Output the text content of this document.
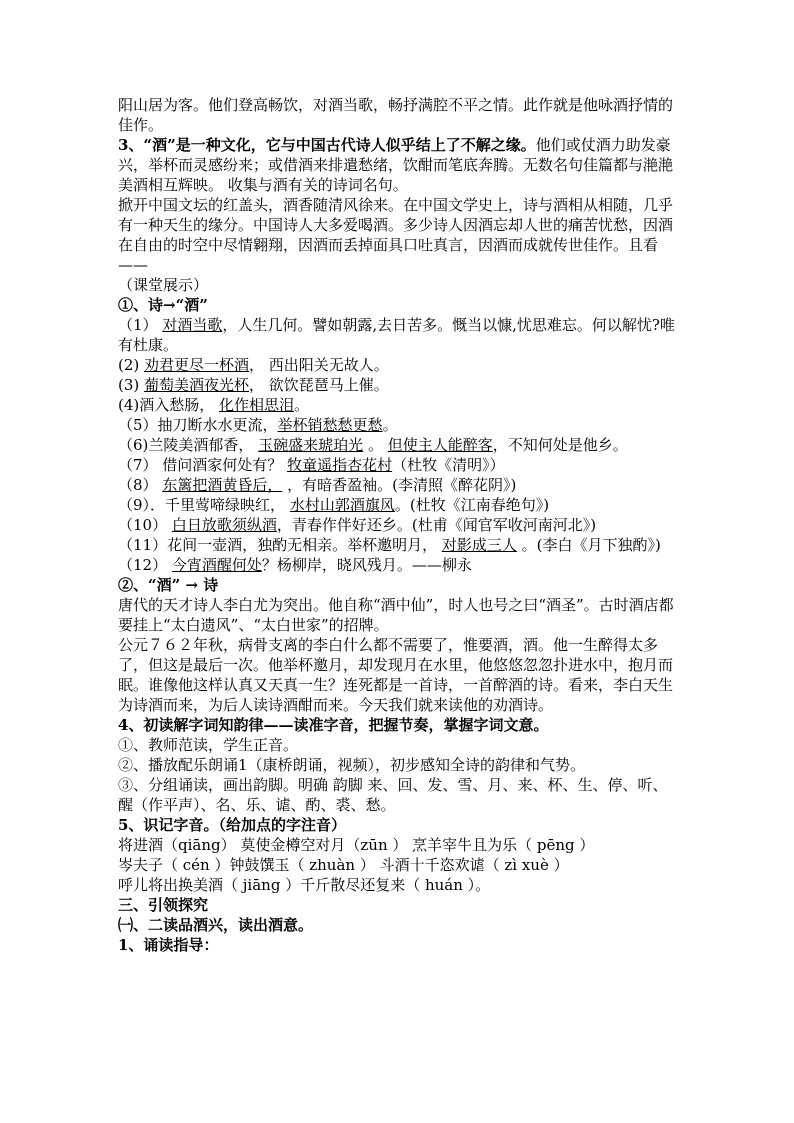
阳山居为客。他们登高畅饮，对酒当歌，畅抒满腔不平之情。此作就是他咏酒抒情的佳作。

3、“酒”是一种文化，它与中国古代诗人似乎结上了不解之缘。他们或仗酒力助发豪兴，举杯而灵感纷来；或借酒来排遣愁绪，饮酣而笔底奔腾。无数名句佳篇都与滟滟美酒相互辉映。 收集与酒有关的诗词名句。

掀开中国文坛的红盖头，酒香随清风徐来。在中国文学史上，诗与酒相从相随，几乎有一种天生的缘分。中国诗人大多爱喝酒。多少诗人因酒忘却人世的痛苦忧愁，因酒在自由的时空中尽情翱翔，因酒而丢掉面具口吐真言，因酒而成就传世佳作。且看——

（课堂展示）

①、诗→“酒”

（1） 对酒当歌，人生几何。譬如朝露,去日苦多。慨当以慷,忧思难忘。何以解忧?唯有杜康。

(2) 劝君更尽一杯酒， 西出阳关无故人。

(3) 葡萄美酒夜光杯， 欲饮琵琶马上催。

(4)酒入愁肠， 化作相思泪。

（5）抽刀断水水更流，举杯销愁愁更愁。

（6)兰陵美酒郁香， 玉碗盛来琥珀光 。 但使主人能醉客，不知何处是他乡。

（7） 借问酒家何处有？ 牧童遥指杏花村（杜牧《清明》）

（8） 东篱把酒黄昏后， ，有暗香盈袖。(李清照《醉花阴》)

（9）．千里莺啼绿映红， 水村山郭酒旗风。(杜牧《江南春绝句》)

（10） 白日放歌须纵酒，青春作伴好还乡。(杜甫《闻官军收河南河北》)

（11）花间一壶酒，独酌无相亲。举杯邀明月， 对影成三人 。(李白《月下独酌》)

（12） 今宵酒醒何处？杨柳岸，晓风残月。——柳永

②、“酒” → 诗

唐代的天才诗人李白尤为突出。他自称“酒中仙”，时人也号之曰“酒圣”。古时酒店都要挂上“太白遗风”、“太白世家”的招牌。

公元７６２年秋，病骨支离的李白什么都不需要了，惟要酒，酒。他一生醉得太多了，但这是最后一次。他举杯邀月，却发现月在水里，他悠悠忽忽扑进水中，抱月而眠。谁像他这样认真又天真一生？连死都是一首诗，一首醉酒的诗。看来，李白天生为诗酒而来，为后人读诗酒酣而来。今天我们就来读他的劝酒诗。

4、初读解字词知韵律——读准字音，把握节奏，掌握字词文意。

①、教师范读，学生正音。

②、播放配乐朗诵1（康桥朗诵，视频），初步感知全诗的韵律和气势。

③、分组诵读，画出韵脚。明确 韵脚 来、回、发、雪、月、来、杯、生、停、听、醒（作平声）、名、乐、谑、酌、裘、愁。

5、识记字音。（给加点的字注音）

将进酒（qiāng） 莫使金樽空对月（zūn ） 烹羊宰牛且为乐（ pēng ）

岑夫子（ cén ）钟鼓馔玉（ zhuàn ） 斗酒十千恣欢谑（ zì xuè ）

呼儿将出换美酒（ jiāng ）千斤散尽还复来（ huán ）。

三、引领探究

㈠、二读品酒兴，读出酒意。

1、诵读指导：
